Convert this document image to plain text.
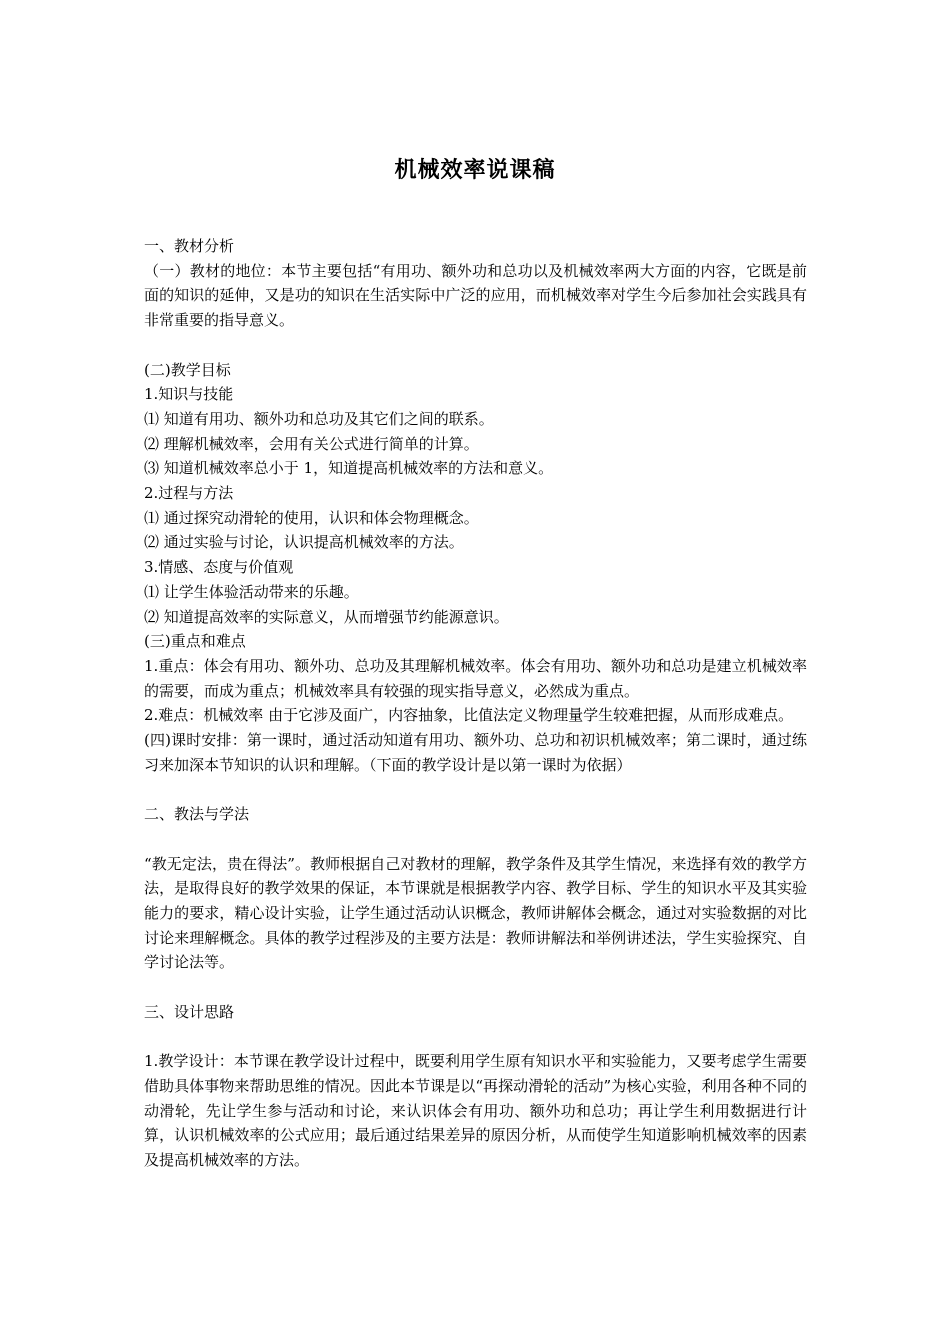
机械效率说课稿

一、教材分析

（一）教材的地位：本节主要包括“有用功、额外功和总功以及机械效率两大方面的内容，它既是前面的知识的延伸，又是功的知识在生活实际中广泛的应用，而机械效率对学生今后参加社会实践具有非常重要的指导意义。

(二)教学目标

1.知识与技能

⑴ 知道有用功、额外功和总功及其它们之间的联系。

⑵ 理解机械效率，会用有关公式进行简单的计算。

⑶ 知道机械效率总小于 1，知道提高机械效率的方法和意义。

2.过程与方法

⑴ 通过探究动滑轮的使用，认识和体会物理概念。

⑵ 通过实验与讨论，认识提高机械效率的方法。

3.情感、态度与价值观

⑴ 让学生体验活动带来的乐趣。

⑵ 知道提高效率的实际意义，从而增强节约能源意识。

(三)重点和难点

1.重点：体会有用功、额外功、总功及其理解机械效率。体会有用功、额外功和总功是建立机械效率的需要，而成为重点；机械效率具有较强的现实指导意义，必然成为重点。

2.难点：机械效率 由于它涉及面广，内容抽象，比值法定义物理量学生较难把握，从而形成难点。

(四)课时安排：第一课时，通过活动知道有用功、额外功、总功和初识机械效率；第二课时，通过练习来加深本节知识的认识和理解。（下面的教学设计是以第一课时为依据）

二、教法与学法

“教无定法，贵在得法”。教师根据自己对教材的理解，教学条件及其学生情况，来选择有效的教学方法，是取得良好的教学效果的保证，本节课就是根据教学内容、教学目标、学生的知识水平及其实验能力的要求，精心设计实验，让学生通过活动认识概念，教师讲解体会概念，通过对实验数据的对比讨论来理解概念。具体的教学过程涉及的主要方法是：教师讲解法和举例讲述法，学生实验探究、自学讨论法等。

三、设计思路

1.教学设计：本节课在教学设计过程中，既要利用学生原有知识水平和实验能力，又要考虑学生需要借助具体事物来帮助思维的情况。因此本节课是以“再探动滑轮的活动”为核心实验，利用各种不同的动滑轮，先让学生参与活动和讨论，来认识体会有用功、额外功和总功；再让学生利用数据进行计算，认识机械效率的公式应用；最后通过结果差异的原因分析，从而使学生知道影响机械效率的因素及提高机械效率的方法。
